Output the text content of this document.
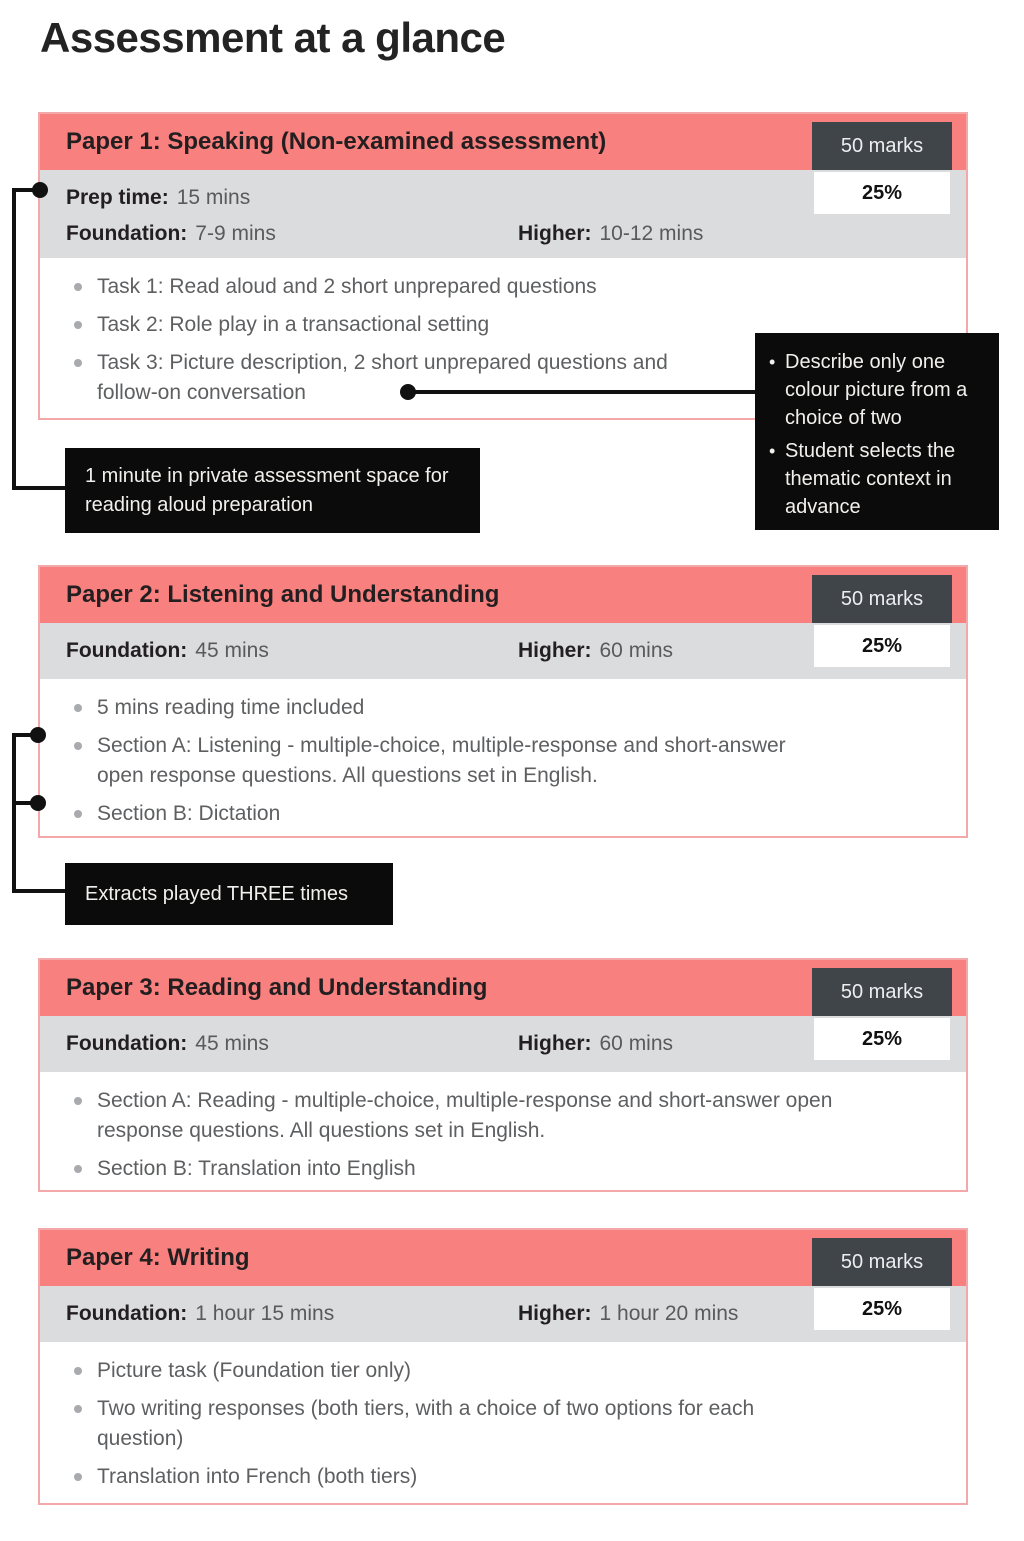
Assessment at a glance
Paper 1: Speaking (Non-examined assessment)
Prep time: 15 mins
Foundation: 7-9 mins	Higher: 10-12 mins
Task 1: Read aloud and 2 short unprepared questions
Task 2: Role play in a transactional setting
Task 3: Picture description, 2 short unprepared questions and follow-on conversation
50 marks
25%
Paper 2: Listening and Understanding
Foundation: 45 mins	Higher: 60 mins
5 mins reading time included
Section A: Listening - multiple-choice, multiple-response and short-answer open response questions. All questions set in English.
Section B: Dictation
50 marks
25%
Paper 3: Reading and Understanding
Foundation: 45 mins	Higher: 60 mins
Section A: Reading - multiple-choice, multiple-response and short-answer open response questions. All questions set in English.
Section B: Translation into English
50 marks
25%
Paper 4: Writing
Foundation: 1 hour 15 mins	Higher: 1 hour 20 mins
Picture task (Foundation tier only)
Two writing responses (both tiers, with a choice of two options for each question)
Translation into French (both tiers)
50 marks
25%
1 minute in private assessment space for reading aloud preparation
Extracts played THREE times
• Describe only one colour picture from a choice of two
• Student selects the thematic context in advance
